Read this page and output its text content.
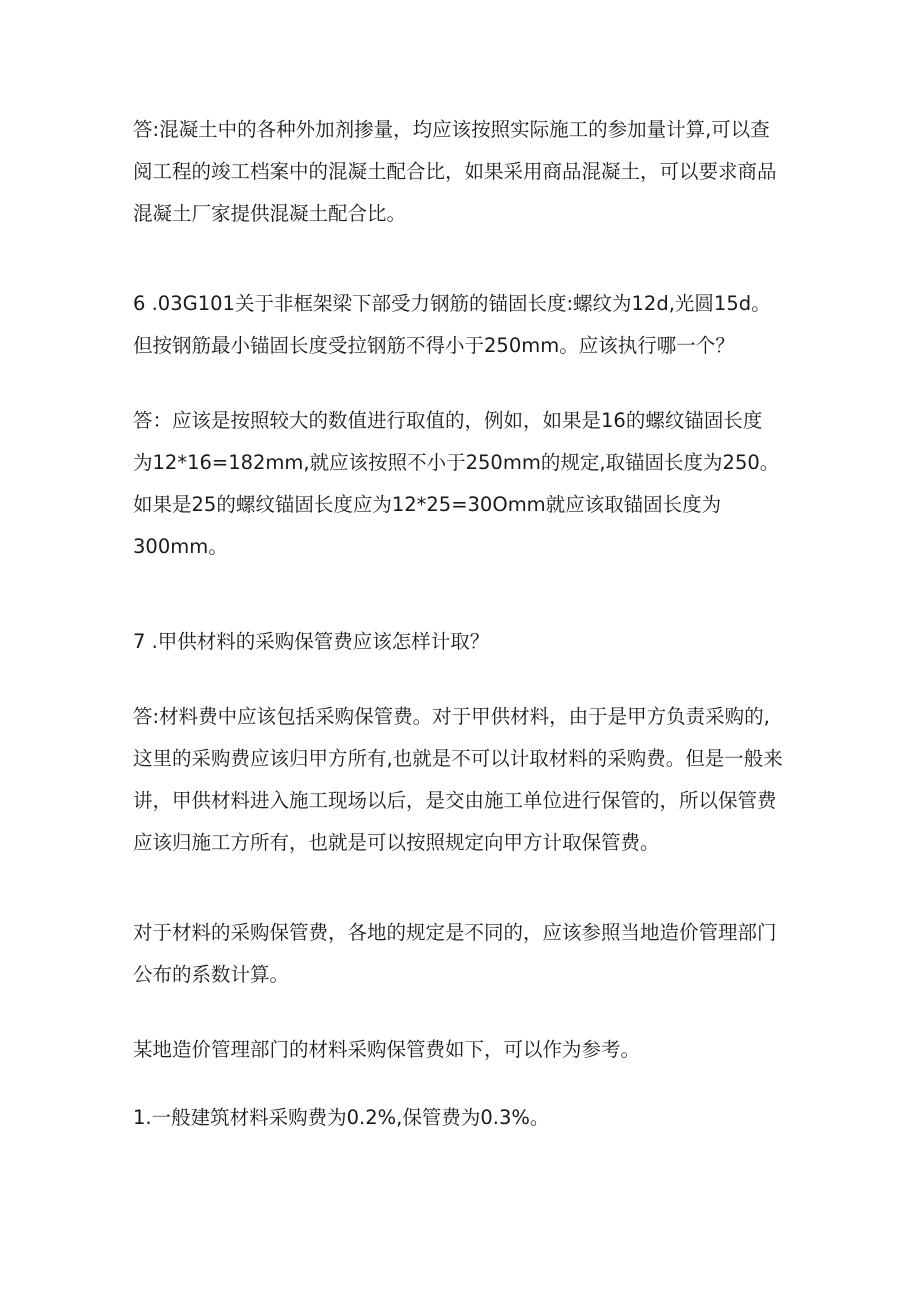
答:混凝土中的各种外加剂掺量，均应该按照实际施工的参加量计算,可以查
阅工程的竣工档案中的混凝土配合比，如果采用商品混凝土，可以要求商品
混凝土厂家提供混凝土配合比。
6 .03G101关于非框架梁下部受力钢筋的锚固长度:螺纹为12d,光圆15d。
但按钢筋最小锚固长度受拉钢筋不得小于250mm。应该执行哪一个？
答：应该是按照较大的数值进行取值的，例如，如果是16的螺纹锚固长度
为12*16=182mm,就应该按照不小于250mm的规定,取锚固长度为250。
如果是25的螺纹锚固长度应为12*25=30Omm就应该取锚固长度为
300mm。
7 .甲供材料的采购保管费应该怎样计取？
答:材料费中应该包括采购保管费。对于甲供材料，由于是甲方负责采购的,
这里的采购费应该归甲方所有,也就是不可以计取材料的采购费。但是一般来
讲，甲供材料进入施工现场以后，是交由施工单位进行保管的，所以保管费
应该归施工方所有，也就是可以按照规定向甲方计取保管费。
对于材料的采购保管费，各地的规定是不同的，应该参照当地造价管理部门
公布的系数计算。
某地造价管理部门的材料采购保管费如下，可以作为参考。
1.一般建筑材料采购费为0.2%,保管费为0.3%。
